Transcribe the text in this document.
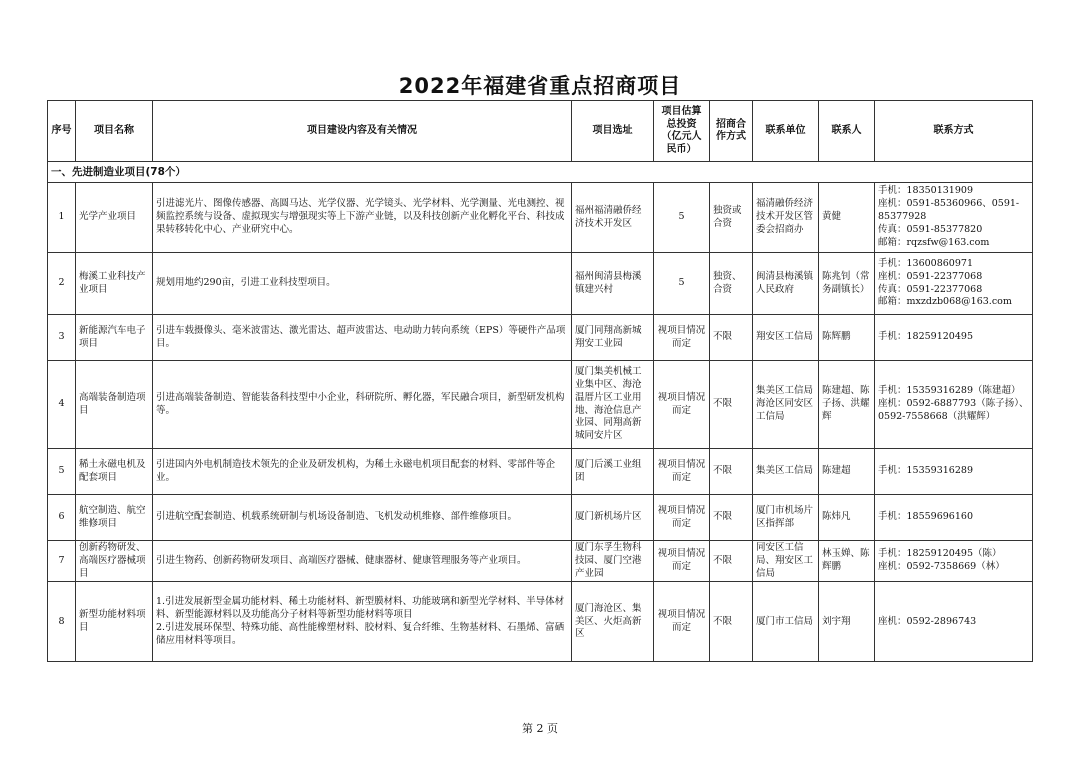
2022年福建省重点招商项目
序号	项目名称	项目建设内容及有关情况	项目选址	项目估算总投资（亿元人民币）	招商合作方式	联系单位	联系人	联系方式
一、先进制造业项目(78个）								
1	光学产业项目	引进滤光片、图像传感器、高圆马达、光学仪器、光学镜头、光学材料、光学测量、光电测控、视频监控系统与设备、虚拟现实与增强现实等上下游产业链，以及科技创新产业化孵化平台、科技成果转移转化中心、产业研究中心。	福州福清融侨经济技术开发区	5	独资或合资	福清融侨经济技术开发区管委会招商办	黄健	手机：18350131909
座机：0591-85360966、0591-85377928
传真：0591-85377820
邮箱：rqzsfw@163.com

2	梅溪工业科技产业项目	规划用地约290亩，引进工业科技型项目。	福州闽清县梅溪镇建兴村	5	独资、合资	闽清县梅溪镇人民政府	陈兆钊（常务副镇长）	手机：13600860971
座机：0591-22377068
传真：0591-22377068
邮箱：mxzdzb068@163.com

3	新能源汽车电子项目	引进车载摄像头、毫米波雷达、激光雷达、超声波雷达、电动助力转向系统（EPS）等硬件产品项目。	厦门同翔高新城翔安工业园	视项目情况而定	不限	翔安区工信局	陈辉鹏	手机：18259120495

4	高端装备制造项目	引进高端装备制造、智能装备科技型中小企业，科研院所、孵化器，军民融合项目，新型研发机构等。	厦门集美机械工业集中区、海沧温厝片区工业用地、海沧信息产业园、同翔高新城同安片区	视项目情况而定	不限	集美区工信局海沧区同安区工信局	陈建超、陈子扬、洪耀辉	手机：15359316289（陈建超）
座机：0592-6887793（陈子扬）、0592-7558668（洪耀辉）

5	稀土永磁电机及配套项目	引进国内外电机制造技术领先的企业及研发机构，为稀土永磁电机项目配套的材料、零部件等企业。	厦门后溪工业组团	视项目情况而定	不限	集美区工信局	陈建超	手机：15359316289

6	航空制造、航空维修项目	引进航空配套制造、机载系统研制与机场设备制造、飞机发动机维修、部件维修项目。	厦门新机场片区	视项目情况而定	不限	厦门市机场片区指挥部	陈炜凡	手机：18559696160

7	创新药物研发、高端医疗器械项目	引进生物药、创新药物研发项目、高端医疗器械、健康器材、健康管理服务等产业项目。	厦门东孚生物科技园、厦门空港产业园	视项目情况而定	不限	同安区工信局、翔安区工信局	林玉婵、陈辉鹏	手机：18259120495（陈）
座机：0592-7358669（林）

8	新型功能材料项目	1.引进发展新型金属功能材料、稀土功能材料、新型膜材料、功能玻璃和新型光学材料、半导体材料、新型能源材料以及功能高分子材料等新型功能材料等项目
2.引进发展环保型、特殊功能、高性能橡塑材料、胶材料、复合纤维、生物基材料、石墨烯、富硒储应用材料等项目。	厦门海沧区、集美区、火炬高新区	视项目情况而定	不限	厦门市工信局	刘宇翔	座机：0592-2896743
第 2 页
